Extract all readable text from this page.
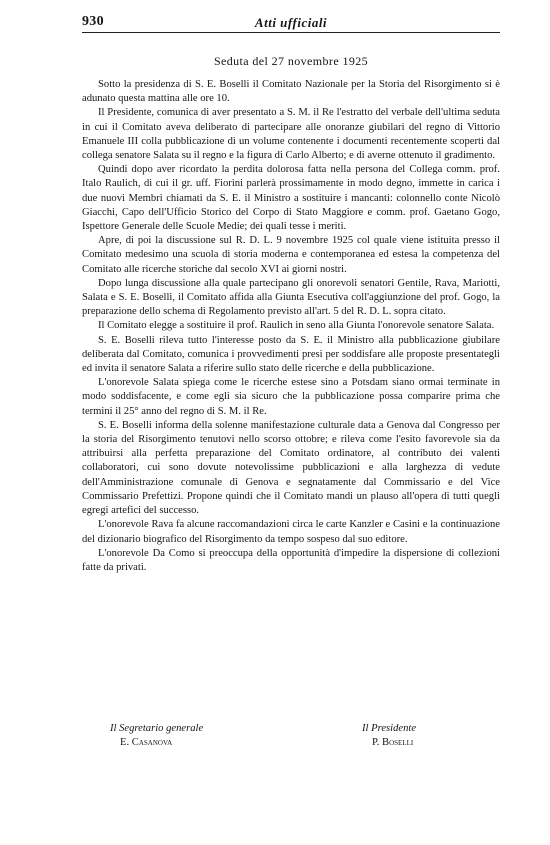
930	Atti ufficiali
Seduta del 27 novembre 1925

Sotto la presidenza di S. E. Boselli il Comitato Nazionale per la Storia del Risorgimento si è adunato questa mattina alle ore 10.

Il Presidente, comunica di aver presentato a S. M. il Re l'estratto del verbale dell'ultima seduta in cui il Comitato aveva deliberato di partecipare alle onoranze giubilari del regno di Vittorio Emanuele III colla pubblicazione di un volume contenente i documenti recentemente scoperti dal collega senatore Salata su il regno e la figura di Carlo Alberto; e di averne ottenuto il gradimento.

Quindi dopo aver ricordato la perdita dolorosa fatta nella persona del Collega comm. prof. Italo Raulich, di cui il gr. uff. Fiorini parlerà prossimamente in modo degno, immette in carica i due nuovi Membri chiamati da S. E. il Ministro a sostituire i mancanti: colonnello conte Nicolò Giacchi, Capo dell'Ufficio Storico del Corpo di Stato Maggiore e comm. prof. Gaetano Gogo, Ispettore Generale delle Scuole Medie; dei quali tesse i meriti.

Apre, di poi la discussione sul R. D. L. 9 novembre 1925 col quale viene istituita presso il Comitato medesimo una scuola di storia moderna e contemporanea ed estesa la competenza del Comitato alle ricerche storiche dal secolo XVI ai giorni nostri.

Dopo lunga discussione alla quale partecipano gli onorevoli senatori Gentile, Rava, Mariotti, Salata e S. E. Boselli, il Comitato affida alla Giunta Esecutiva coll'aggiunzione del prof. Gogo, la preparazione dello schema di Regolamento previsto all'art. 5 del R. D. L. sopra citato.

Il Comitato elegge a sostituire il prof. Raulich in seno alla Giunta l'onorevole senatore Salata.

S. E. Boselli rileva tutto l'interesse posto da S. E. il Ministro alla pubblicazione giubilare deliberata dal Comitato, comunica i provvedimenti presi per soddisfare alle proposte presentategli ed invita il senatore Salata a riferire sullo stato delle ricerche e della pubblicazione.

L'onorevole Salata spiega come le ricerche estese sino a Potsdam siano ormai terminate in modo soddisfacente, e come egli sia sicuro che la pubblicazione possa comparire prima che termini il 25° anno del regno di S. M. il Re.

S. E. Boselli informa della solenne manifestazione culturale data a Genova dal Congresso per la storia del Risorgimento tenutovi nello scorso ottobre; e rileva come l'esito favorevole sia da attribuirsi alla perfetta preparazione del Comitato ordinatore, al contributo dei valenti collaboratori, cui sono dovute notevolissime pubblicazioni e alla larghezza di vedute dell'Amministrazione comunale di Genova e segnatamente dal Commissario e del Vice Commissario Prefettizi. Propone quindi che il Comitato mandi un plauso all'opera di tutti quegli egregi artefici del successo.

L'onorevole Rava fa alcune raccomandazioni circa le carte Kanzler e Casini e la continuazione del dizionario biografico del Risorgimento da tempo sospeso dal suo editore.

L'onorevole Da Como si preoccupa della opportunità d'impedire la dispersione di collezioni fatte da privati.

Il Segretario generale
E. Casanova
Il Presidente
P. Boselli
